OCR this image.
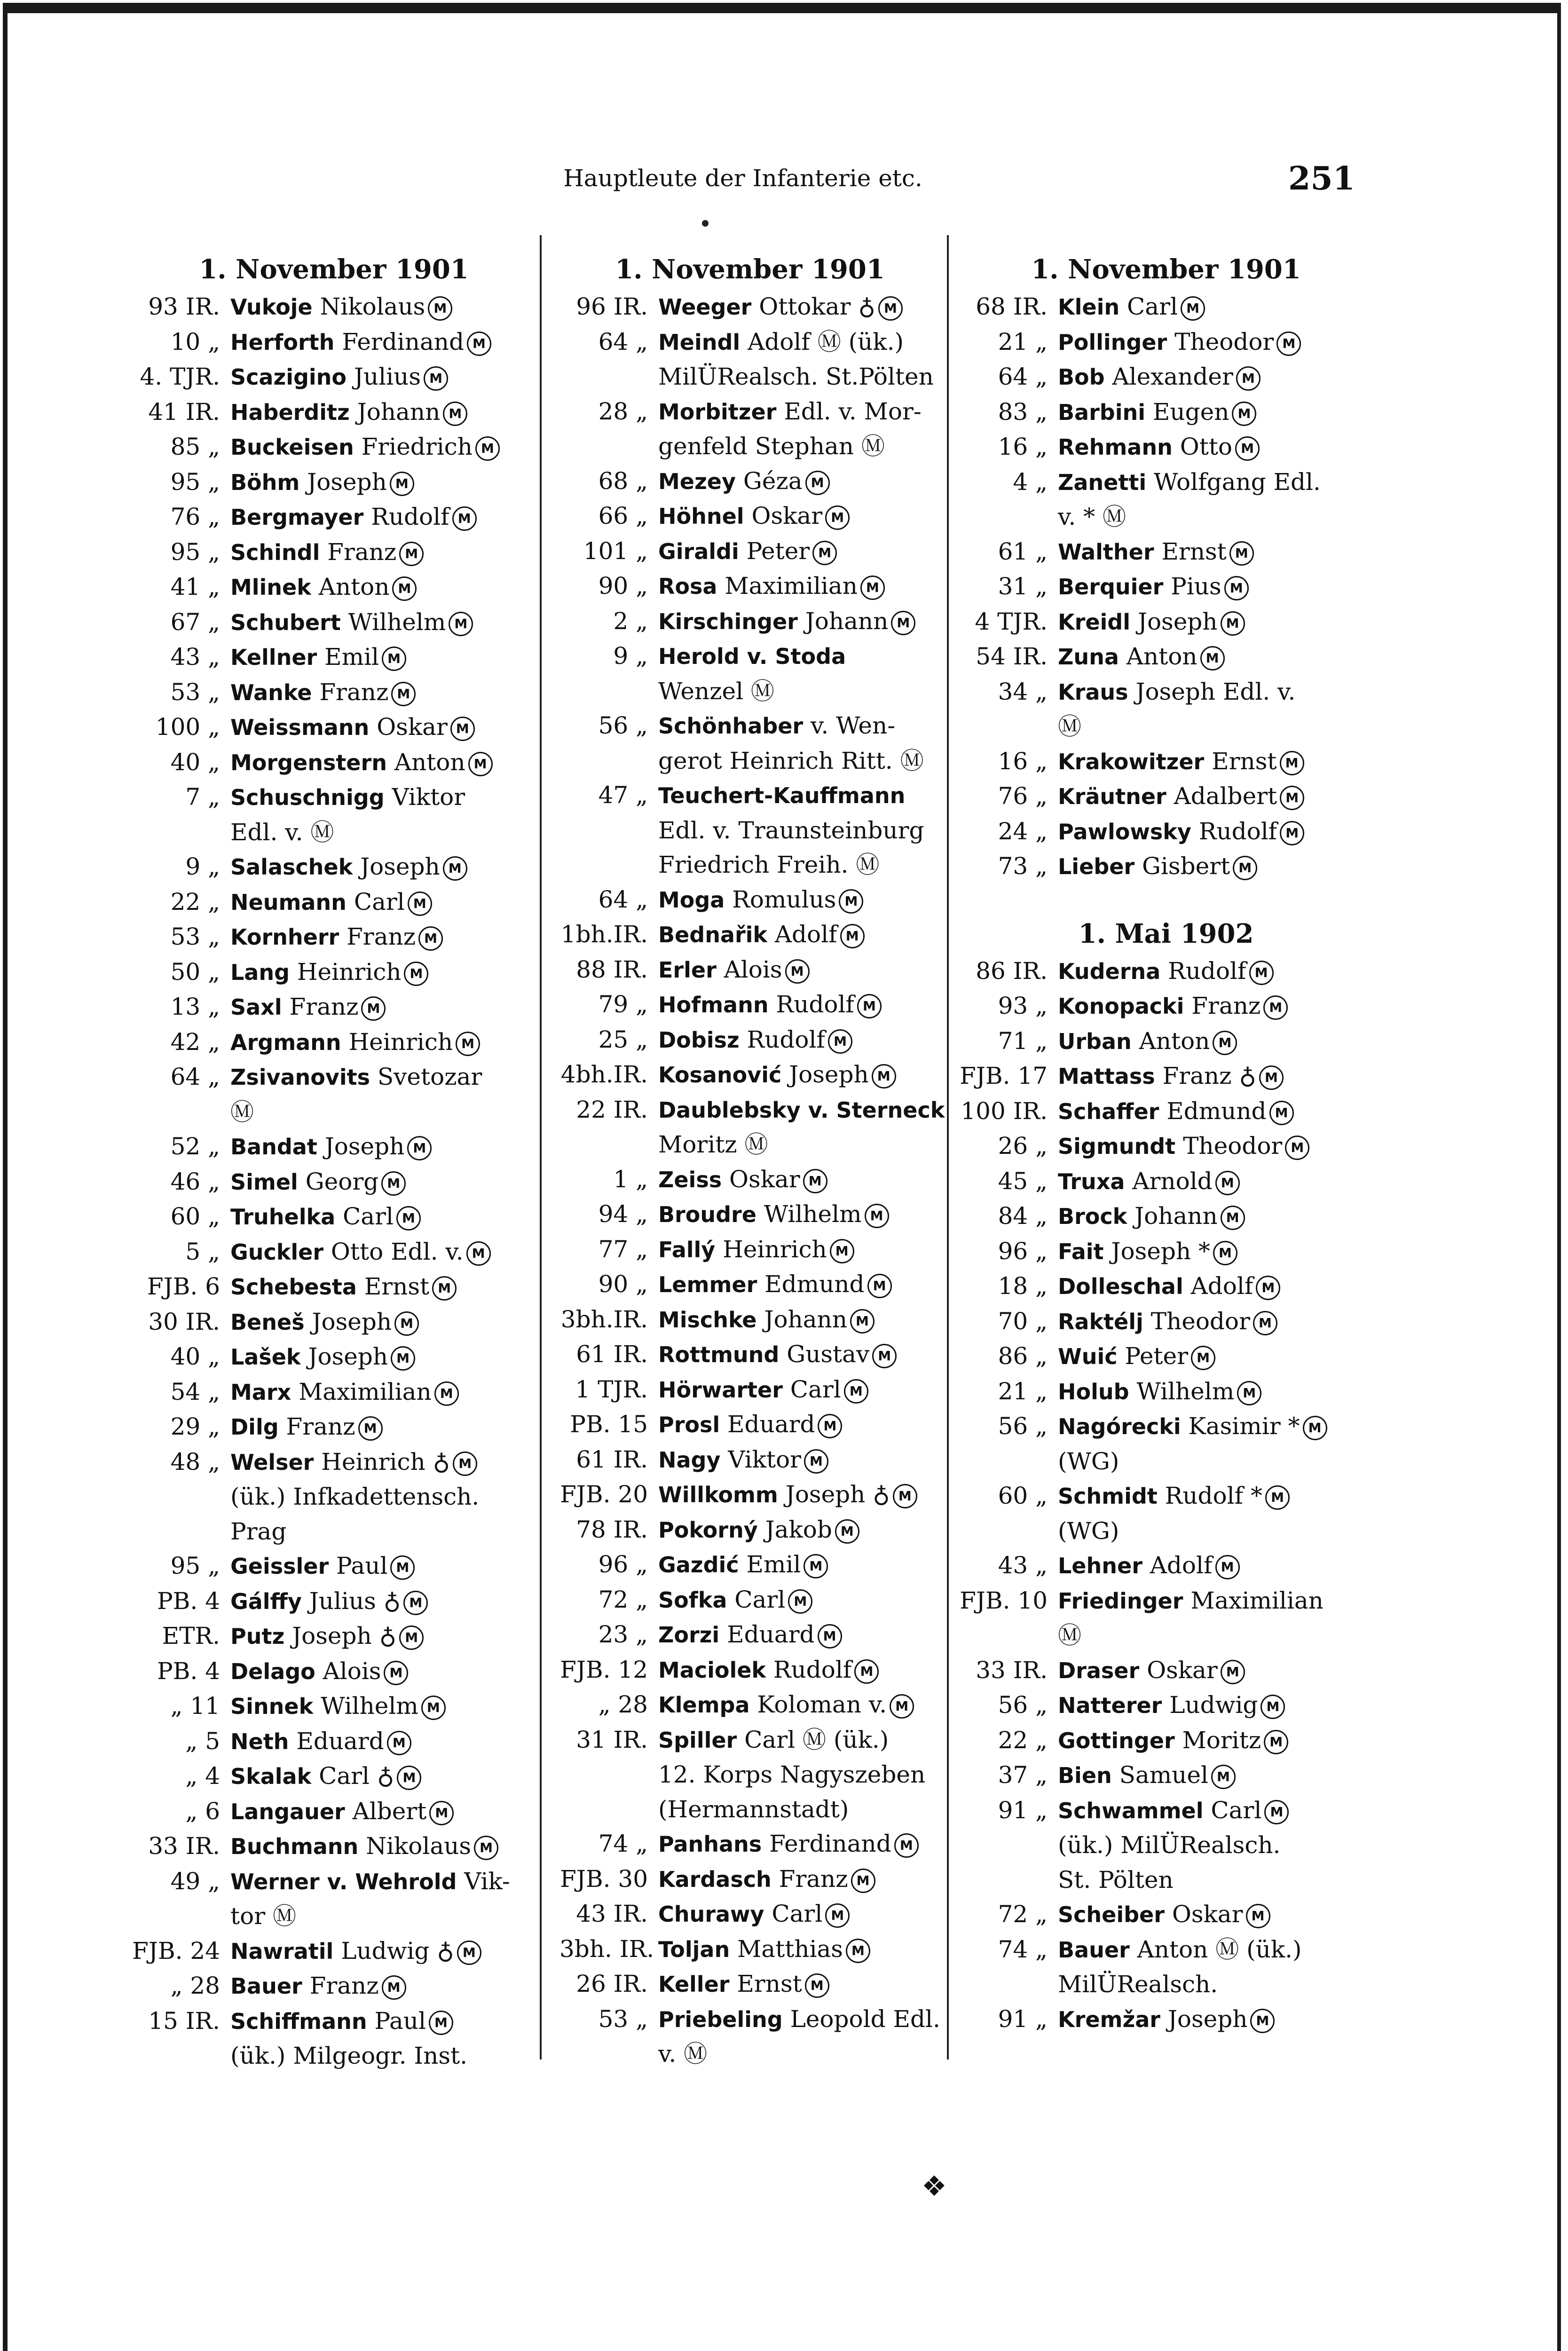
Hauptleute der Infanterie etc.	251
1. November 1901
93 IR. Vukoje Nikolaus M
10 „ Herforth Ferdinand M
4. TJR. Scazigino Julius M
41 IR. Haberditz Johann M
85 „ Buckeisen Friedrich M
95 „ Böhm Joseph M
76 „ Bergmayer Rudolf M
95 „ Schindl Franz M
41 „ Mlinek Anton M
67 „ Schubert Wilhelm M
43 „ Kellner Emil M
53 „ Wanke Franz M
100 „ Weissmann Oskar M
40 „ Morgenstern Anton M
7 „ Schuschnigg Viktor
Edl. v. Ⓜ
9 „ Salaschek Joseph M
22 „ Neumann Carl M
53 „ Kornherr Franz M
50 „ Lang Heinrich M
13 „ Saxl Franz M
42 „ Argmann Heinrich M
64 „ Zsivanovits Svetozar
Ⓜ
52 „ Bandat Joseph M
46 „ Simel Georg M
60 „ Truhelka Carl M
5 „ Guckler Otto Edl. v. M
FJB. 6 Schebesta Ernst M
30 IR. Beneš Joseph M
40 „ Lašek Joseph M
54 „ Marx Maximilian M
29 „ Dilg Franz M
48 „ Welser Heinrich ♁ M
(ük.) Infkadettensch.
Prag
95 „ Geissler Paul M
PB. 4 Gálffy Julius ♁ M
ETR. Putz Joseph ♁ M
PB. 4 Delago Alois M
„ 11 Sinnek Wilhelm M
„ 5 Neth Eduard M
„ 4 Skalak Carl ♁ M
„ 6 Langauer Albert M
33 IR. Buchmann Nikolaus M
49 „ Werner v. Wehrold Vik-
tor Ⓜ
FJB. 24 Nawratil Ludwig ♁ M
„ 28 Bauer Franz M
15 IR. Schiffmann Paul M
(ük.) Milgeogr. Inst.
1. November 1901
96 IR. Weeger Ottokar ♁ M
64 „ Meindl Adolf Ⓜ (ük.)
MilÜRealsch. St.Pölten
28 „ Morbitzer Edl. v. Mor-
genfeld Stephan Ⓜ
68 „ Mezey Géza M
66 „ Höhnel Oskar M
101 „ Giraldi Peter M
90 „ Rosa Maximilian M
2 „ Kirschinger Johann M
9 „ Herold v. Stoda
Wenzel Ⓜ
56 „ Schönhaber v. Wen-
gerot Heinrich Ritt. Ⓜ
47 „ Teuchert-Kauffmann
Edl. v. Traunsteinburg
Friedrich Freih. Ⓜ
64 „ Moga Romulus M
1bh.IR. Bednařik Adolf M
88 IR. Erler Alois M
79 „ Hofmann Rudolf M
25 „ Dobisz Rudolf M
4bh.IR. Kosanović Joseph M
22 IR. Daublebsky v. Sterneck
Moritz Ⓜ
1 „ Zeiss Oskar M
94 „ Broudre Wilhelm M
77 „ Fallý Heinrich M
90 „ Lemmer Edmund M
3bh.IR. Mischke Johann M
61 IR. Rottmund Gustav M
1 TJR. Hörwarter Carl M
PB. 15 Prosl Eduard M
61 IR. Nagy Viktor M
FJB. 20 Willkomm Joseph ♁ M
78 IR. Pokorný Jakob M
96 „ Gazdić Emil M
72 „ Sofka Carl M
23 „ Zorzi Eduard M
FJB. 12 Maciolek Rudolf M
„ 28 Klempa Koloman v. M
31 IR. Spiller Carl Ⓜ (ük.)
12. Korps Nagyszeben
(Hermannstadt)
74 „ Panhans Ferdinand M
FJB. 30 Kardasch Franz M
43 IR. Churawy Carl M
3bh. IR. Toljan Matthias M
26 IR. Keller Ernst M
53 „ Priebeling Leopold Edl.
v. Ⓜ
1. November 1901
68 IR. Klein Carl M
21 „ Pollinger Theodor M
64 „ Bob Alexander M
83 „ Barbini Eugen M
16 „ Rehmann Otto M
4 „ Zanetti Wolfgang Edl.
v. * Ⓜ
61 „ Walther Ernst M
31 „ Berquier Pius M
4 TJR. Kreidl Joseph M
54 IR. Zuna Anton M
34 „ Kraus Joseph Edl. v.
Ⓜ
16 „ Krakowitzer Ernst M
76 „ Kräutner Adalbert M
24 „ Pawlowsky Rudolf M
73 „ Lieber Gisbert M
1. Mai 1902
86 IR. Kuderna Rudolf M
93 „ Konopacki Franz M
71 „ Urban Anton M
FJB. 17 Mattass Franz ♁ M
100 IR. Schaffer Edmund M
26 „ Sigmundt Theodor M
45 „ Truxa Arnold M
84 „ Brock Johann M
96 „ Fait Joseph * M
18 „ Dolleschal Adolf M
70 „ Raktélj Theodor M
86 „ Wuić Peter M
21 „ Holub Wilhelm M
56 „ Nagórecki Kasimir * M
(WG)
60 „ Schmidt Rudolf * M
(WG)
43 „ Lehner Adolf M
FJB. 10 Friedinger Maximilian
Ⓜ
33 IR. Draser Oskar M
56 „ Natterer Ludwig M
22 „ Gottinger Moritz M
37 „ Bien Samuel M
91 „ Schwammel Carl M
(ük.) MilÜRealsch.
St. Pölten
72 „ Scheiber Oskar M
74 „ Bauer Anton Ⓜ (ük.)
MilÜRealsch.
91 „ Kremžar Joseph M
❖
